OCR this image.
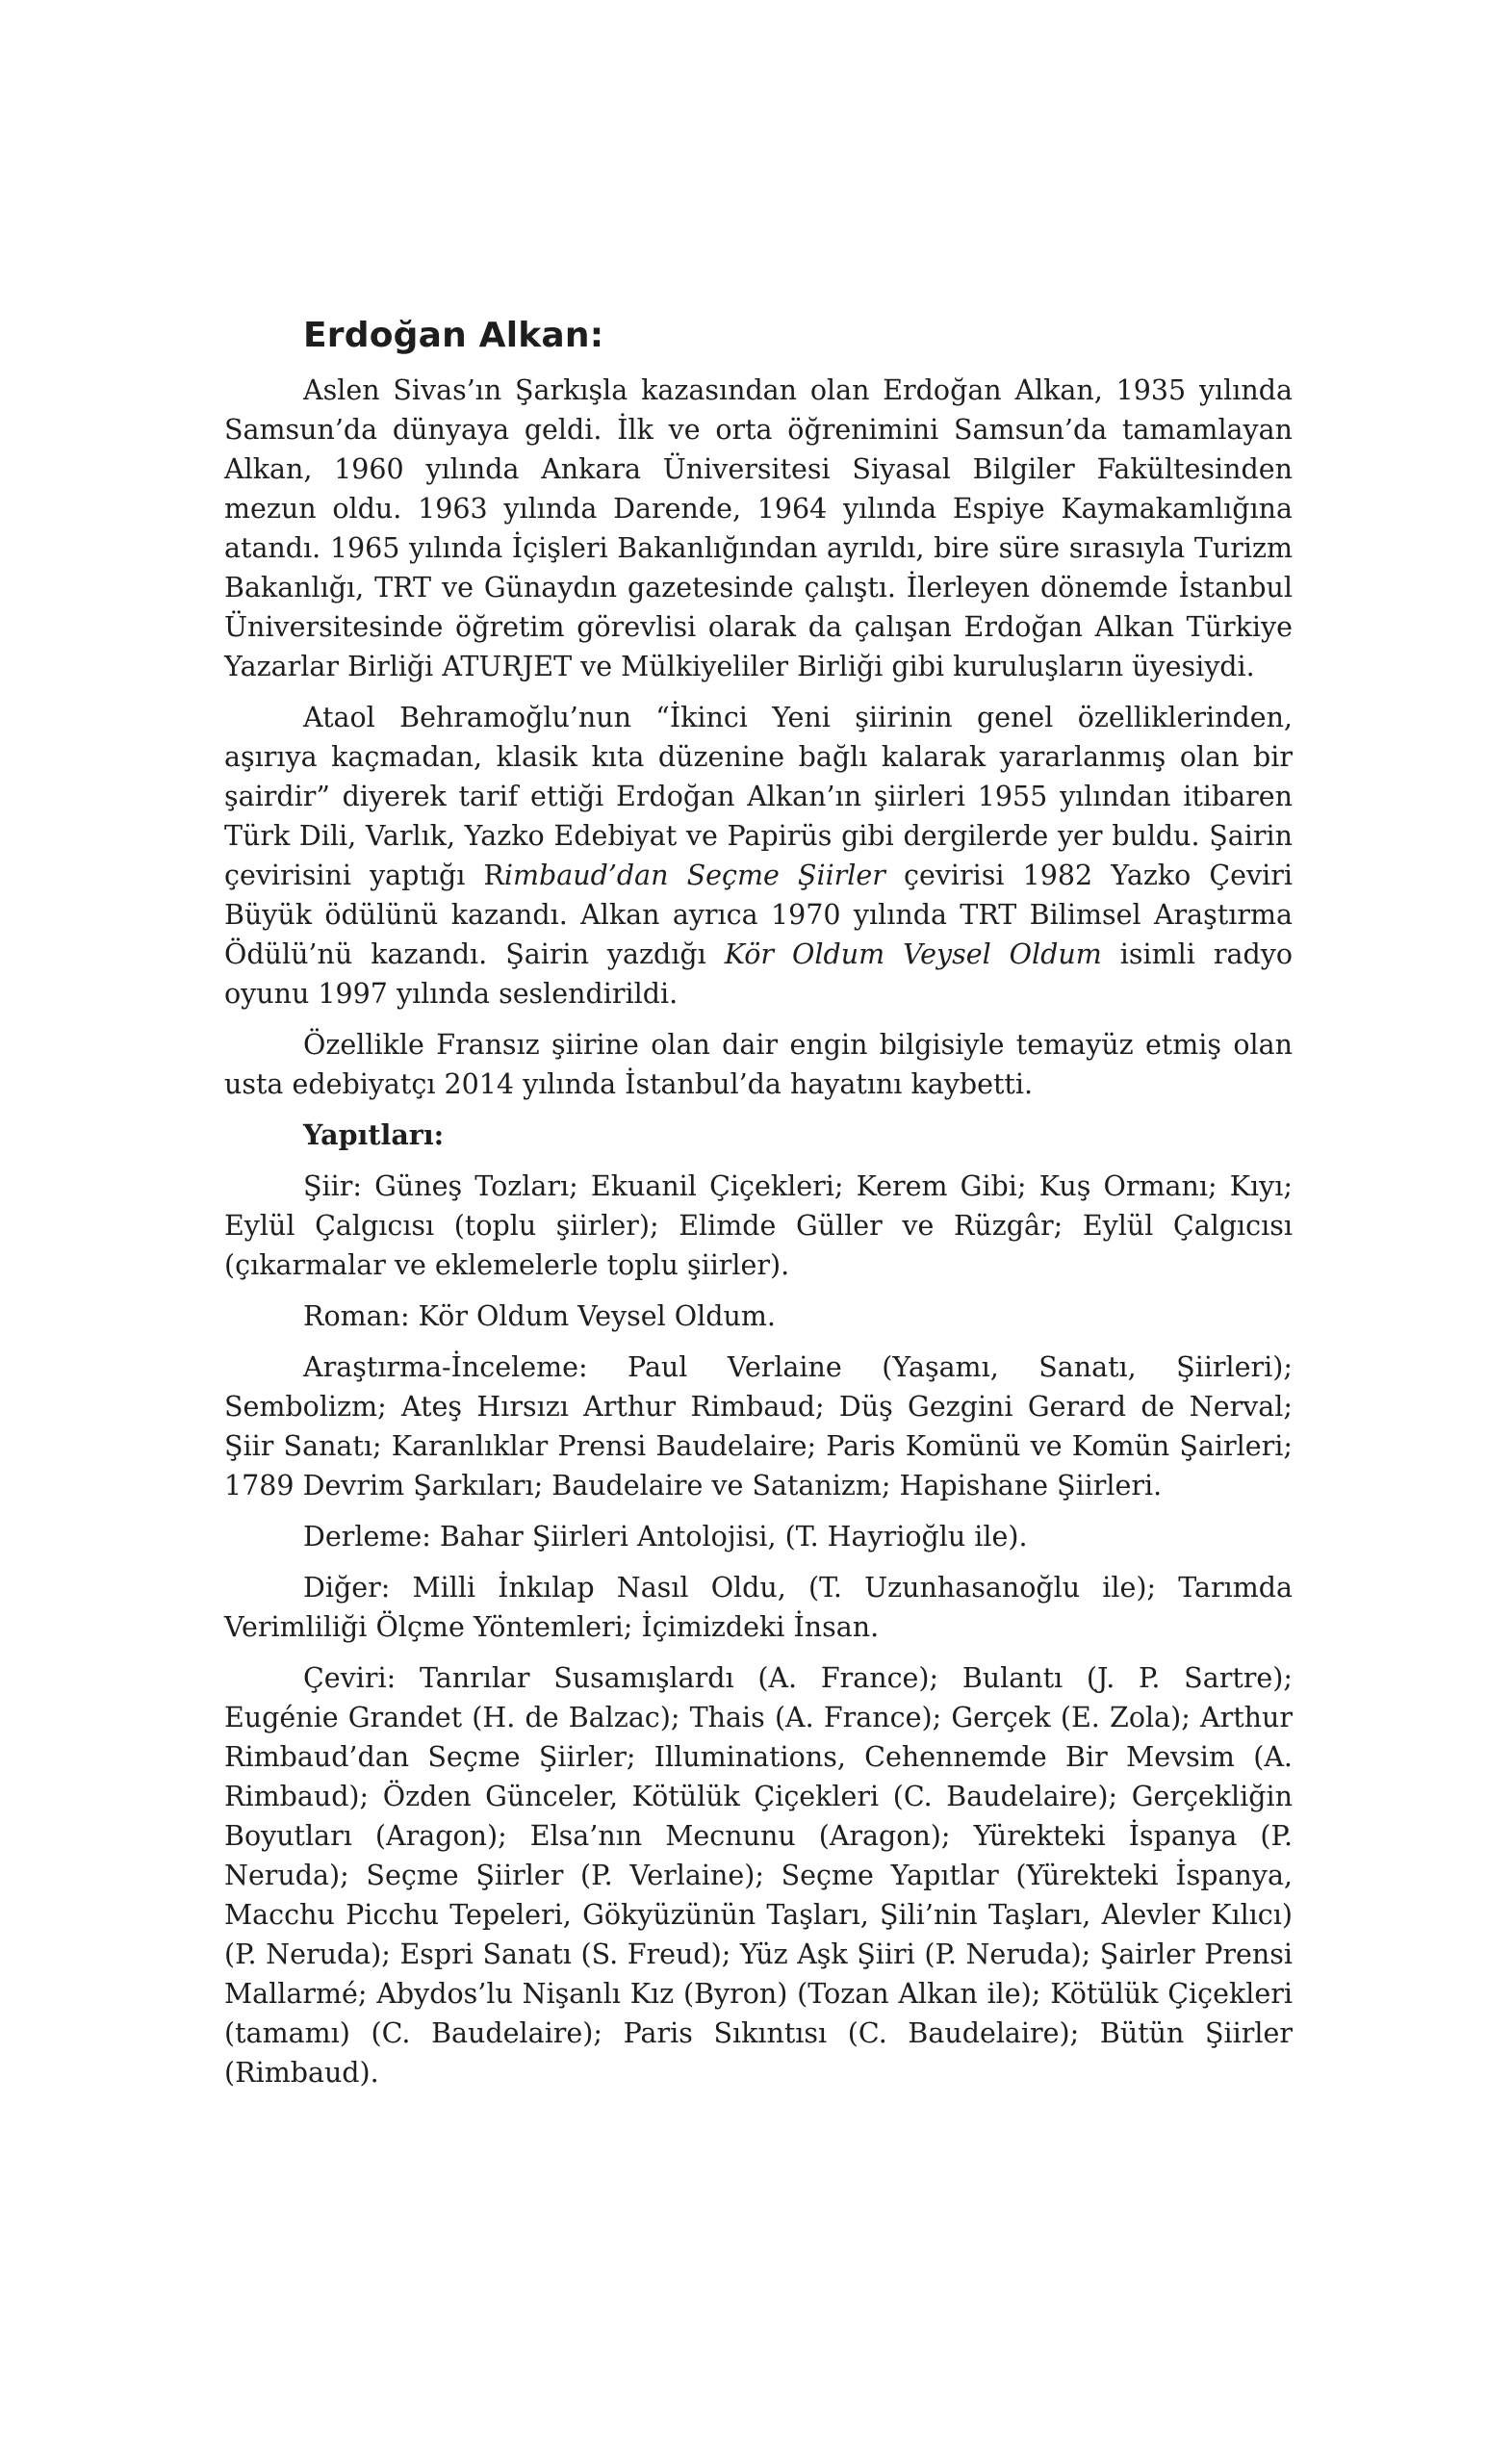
Erdoğan Alkan:

Aslen Sivas’ın Şarkışla kazasından olan Erdoğan Alkan, 1935 yılında Samsun’da dünyaya geldi. İlk ve orta öğrenimini Samsun’da tamamlayan Alkan, 1960 yılında Ankara Üniversitesi Siyasal Bilgiler Fakültesinden mezun oldu. 1963 yılında Darende, 1964 yılında Espiye Kaymakamlığına atandı. 1965 yılında İçişleri Bakanlığından ayrıldı, bire süre sırasıyla Turizm Bakanlığı, TRT ve Günaydın gazetesinde çalıştı. İlerleyen dönemde İstanbul Üniversitesinde öğretim görevlisi olarak da çalışan Erdoğan Alkan Türkiye Yazarlar Birliği ATURJET ve Mülkiyeliler Birliği gibi kuruluşların üyesiydi.

Ataol Behramoğlu’nun “İkinci Yeni şiirinin genel özelliklerinden, aşırıya kaçmadan, klasik kıta düzenine bağlı kalarak yararlanmış olan bir şairdir” diyerek tarif ettiği Erdoğan Alkan’ın şiirleri 1955 yılından itibaren Türk Dili, Varlık, Yazko Edebiyat ve Papirüs gibi dergilerde yer buldu. Şairin çevirisini yaptığı Rimbaud’dan Seçme Şiirler çevirisi 1982 Yazko Çeviri Büyük ödülünü kazandı. Alkan ayrıca 1970 yılında TRT Bilimsel Araştırma Ödülü’nü kazandı. Şairin yazdığı Kör Oldum Veysel Oldum isimli radyo oyunu 1997 yılında seslendirildi.

Özellikle Fransız şiirine olan dair engin bilgisiyle temayüz etmiş olan usta edebiyatçı 2014 yılında İstanbul’da hayatını kaybetti.

Yapıtları:

Şiir: Güneş Tozları; Ekuanil Çiçekleri; Kerem Gibi; Kuş Ormanı; Kıyı; Eylül Çalgıcısı (toplu şiirler); Elimde Güller ve Rüzgâr; Eylül Çalgıcısı (çıkarmalar ve eklemelerle toplu şiirler).

Roman: Kör Oldum Veysel Oldum.

Araştırma-İnceleme: Paul Verlaine (Yaşamı, Sanatı, Şiirleri); Sembolizm; Ateş Hırsızı Arthur Rimbaud; Düş Gezgini Gerard de Nerval; Şiir Sanatı; Karanlıklar Prensi Baudelaire; Paris Komünü ve Komün Şairleri; 1789 Devrim Şarkıları; Baudelaire ve Satanizm; Hapishane Şiirleri.

Derleme: Bahar Şiirleri Antolojisi, (T. Hayrioğlu ile).

Diğer: Milli İnkılap Nasıl Oldu, (T. Uzunhasanoğlu ile); Tarımda Verimliliği Ölçme Yöntemleri; İçimizdeki İnsan.

Çeviri: Tanrılar Susamışlardı (A. France); Bulantı (J. P. Sartre); Eugénie Grandet (H. de Balzac); Thais (A. France); Gerçek (E. Zola); Arthur Rimbaud’dan Seçme Şiirler; Illuminations, Cehennemde Bir Mevsim (A. Rimbaud); Özden Günceler, Kötülük Çiçekleri (C. Baudelaire); Gerçekliğin Boyutları (Aragon); Elsa’nın Mecnunu (Aragon); Yürekteki İspanya (P. Neruda); Seçme Şiirler (P. Verlaine); Seçme Yapıtlar (Yürekteki İspanya, Macchu Picchu Tepeleri, Gökyüzünün Taşları, Şili’nin Taşları, Alevler Kılıcı) (P. Neruda); Espri Sanatı (S. Freud); Yüz Aşk Şiiri (P. Neruda); Şairler Prensi Mallarmé; Abydos’lu Nişanlı Kız (Byron) (Tozan Alkan ile); Kötülük Çiçekleri (tamamı) (C. Baudelaire); Paris Sıkıntısı (C. Baudelaire); Bütün Şiirler (Rimbaud).
